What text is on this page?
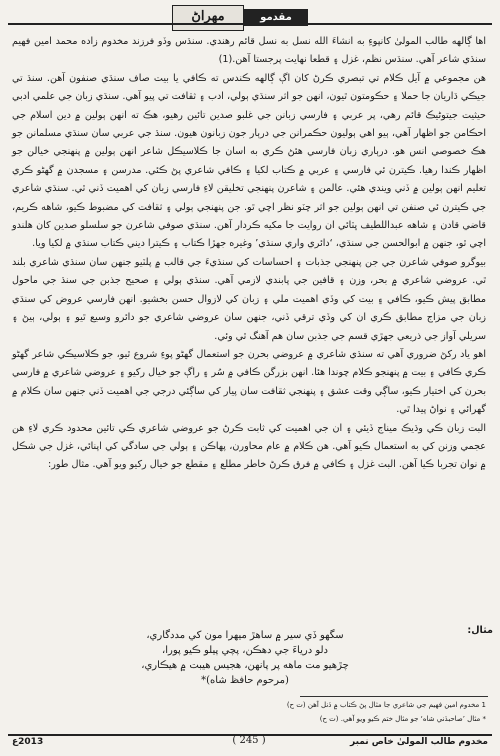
مهراڻ	مقدمو

اها ڳالهه طالب المولىٰ کانپوءِ به انشاءَ الله نسل به نسل قائم رهندي. سنڌس وڏو فرزند مخدوم زاده محمد امين فهيم سنڌي شاعر آهي. سنڌس نظم، غزل ۽ قطعا نهايت پرجستا آهن.(1)

هن مجموعي ۾ آيل ڪلام تي تبصري ڪرڻ کان اڳ ڳالهه ڪندس ته ڪافي يا بيت صاف سنڌي صنفون آهن. سنڌ تي جيڪي ڌاريان جا حملا ۽ حڪومتون ٿيون، انهن جو اثر سنڌي ٻولي، ادب ۽ ثقافت تي پيو آهي. سنڌي زبان جي علمي ادبي حيثيت جيتوڻيڪ قائم رهي، پر عربي ۽ فارسي زبانن جي غلبو صدين تائين رهيو، هڪ ته انهن ٻولين ۾ دين اسلام جي احڪامن جو اظهار آهي، ٻيو اهي ٻوليون حڪمرانن جي درٻار جون زبانون هيون. سنڌ جي عربي سان سنڌي مسلمانن جو هڪ خصوصي انس هو. درٻاري زبان فارسي هئڻ ڪري به اسان جا ڪلاسيڪل شاعر انهن ٻولين ۾ پنهنجي خيالن جو اظهار ڪندا رهيا. ڪيترن ئي فارسي ۽ عربي ۾ ڪتاب لکيا ۽ ڪافي شاعري پڻ ڪئي. مدرسن ۽ مسجدن ۾ گهڻو ڪري تعليم انهن ٻولين ۾ ڏني ويندي هئي. عالمن ۽ شاعرن پنهنجي تخليقن لاءِ فارسي زبان کي اهميت ڏني ٿي. سنڌي شاعري جي ڪيترن ئي صنفن تي انهن ٻولين جو اثر چٽو نظر اچي ٿو. جن پنهنجي ٻولي ۽ ثقافت کي مضبوط ڪيو، شاهه ڪريم، قاضي قادن ۽ شاهه عبداللطيف ڀٽائي ان روايت جا مکيه ڪردار آهن. سنڌي صوفي شاعرن جو سلسلو صدين کان هلندو اچي ٿو، جنهن ۾ ابوالحسن جي سنڌي، ‘دائري واري سنڌي’ وغيره جهڙا ڪتاب ۽ ڪيترا ديني ڪتاب سنڌي ۾ لکيا ويا.

بيوگرو صوفي شاعرن جي جن پنهنجي جذبات ۽ احساسات کي سنڌيءَ جي قالب ۾ پلٽيو جنهن سان سنڌي شاعري بلند ٿي. عروضي شاعري ۾ بحر، وزن ۽ قافين جي پابندي لازمي آهي. سنڌي ٻولي ۽ صحيح جذبن جي سنڌ جي ماحول مطابق پيش ڪيو، ڪافي ۽ بيت کي وڏي اهميت ملي ۽ زبان کي لازوال حسن بخشيو. انهن فارسي عروض کي سنڌي زبان جي مزاج مطابق ڪري ان کي وڏي ترقي ڏني، جنهن سان عروضي شاعري جو دائرو وسيع ٿيو ۽ ٻولي، ٻيڻ ۽ سريلي آواز جي ذريعي جهڙي قسم جي جذبن سان هم آهنگ ٿي وئي.

اهو ياد رکڻ ضروري آهي ته سنڌي شاعري ۾ عروضي بحرن جو استعمال گهڻو پوءِ شروع ٿيو، جو ڪلاسيڪي شاعر گهڻو ڪري ڪافي ۽ بيت ۾ پنهنجو ڪلام چوندا هئا. انهن بزرگن ڪافي ۾ سُر ۽ راڳ جو خيال رکيو ۽ عروضي شاعري ۾ فارسي بحرن کي اختيار ڪيو، ساڳي وقت عشق ۽ پنهنجي ثقافت سان پيار کي ساڳئي درجي جي اهميت ڏني جنهن سان ڪلام ۾ گهرائي ۽ نواڻ پيدا ٿي.

البت زبان ڪي وڌيڪ ميناج ڏيئي ۽ ان جي اهميت کي ثابت ڪرڻ جو عروضي شاعري ڪي تائين محدود ڪري لاءِ هن عجمي وزنن کي به استعمال ڪيو آهي. هن ڪلام ۾ عام محاورن، پهاڪن ۽ ٻولي جي سادگي کي اپنائي، غزل جي شڪل ۾ نوان تجربا ڪيا آهن. البت غزل ۽ ڪافي ۾ فرق ڪرڻ خاطر مطلع ۽ مقطع جو خيال رکيو ويو آهي. مثال طور:

مثال:
سگهو ڏي سير ۾ ساهڙ ميهرا مون کي مددگاري،
دلو درياءَ جي دهڪن، پچي پيلو ڪيو پورا،
چڙهيو مت ماهه پر پانهن، هجيس هيبت ۾ هيڪاري،
(مرحوم حافظ شاه)*
1 مخدوم امين فهيم جي شاعري جا مثال پڻ ڪتاب ۾ ڏنل آهن (ت ح)
* مثال ’صاحبڏني شاه‘ جو مثال ختم ڪيو ويو آهي. (ت ح)
مخدوم طالب المولىٰ خاص نمبر
( 245 )
2013ع
